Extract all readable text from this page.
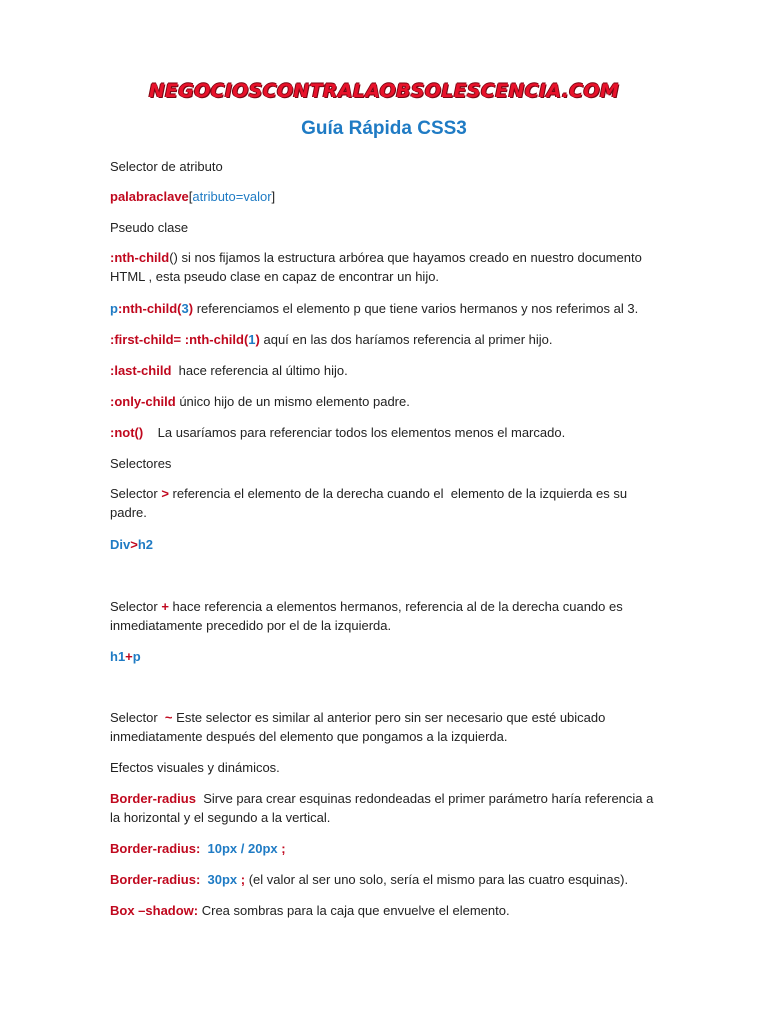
NEGOCIOSCONTRALAOBSOLESCENCIA.COM
Guía Rápida CSS3
Selector de atributo
palabraclave[atributo=valor]
Pseudo clase
:nth-child() si nos fijamos la estructura arbórea que hayamos creado en nuestro documento HTML , esta pseudo clase en capaz de encontrar un hijo.
p:nth-child(3) referenciamos el elemento p que tiene varios hermanos y nos referimos al 3.
:first-child= :nth-child(1) aquí en las dos haríamos referencia al primer hijo.
:last-child  hace referencia al último hijo.
:only-child único hijo de un mismo elemento padre.
:not()    La usaríamos para referenciar todos los elementos menos el marcado.
Selectores
Selector > referencia el elemento de la derecha cuando el  elemento de la izquierda es su padre.
Div>h2
Selector + hace referencia a elementos hermanos, referencia al de la derecha cuando es inmediatamente precedido por el de la izquierda.
h1+p
Selector  ~ Este selector es similar al anterior pero sin ser necesario que esté ubicado inmediatamente después del elemento que pongamos a la izquierda.
Efectos visuales y dinámicos.
Border-radius  Sirve para crear esquinas redondeadas el primer parámetro haría referencia a la horizontal y el segundo a la vertical.
Border-radius:  10px / 20px ;
Border-radius:  30px ; (el valor al ser uno solo, sería el mismo para las cuatro esquinas).
Box –shadow: Crea sombras para la caja que envuelve el elemento.
